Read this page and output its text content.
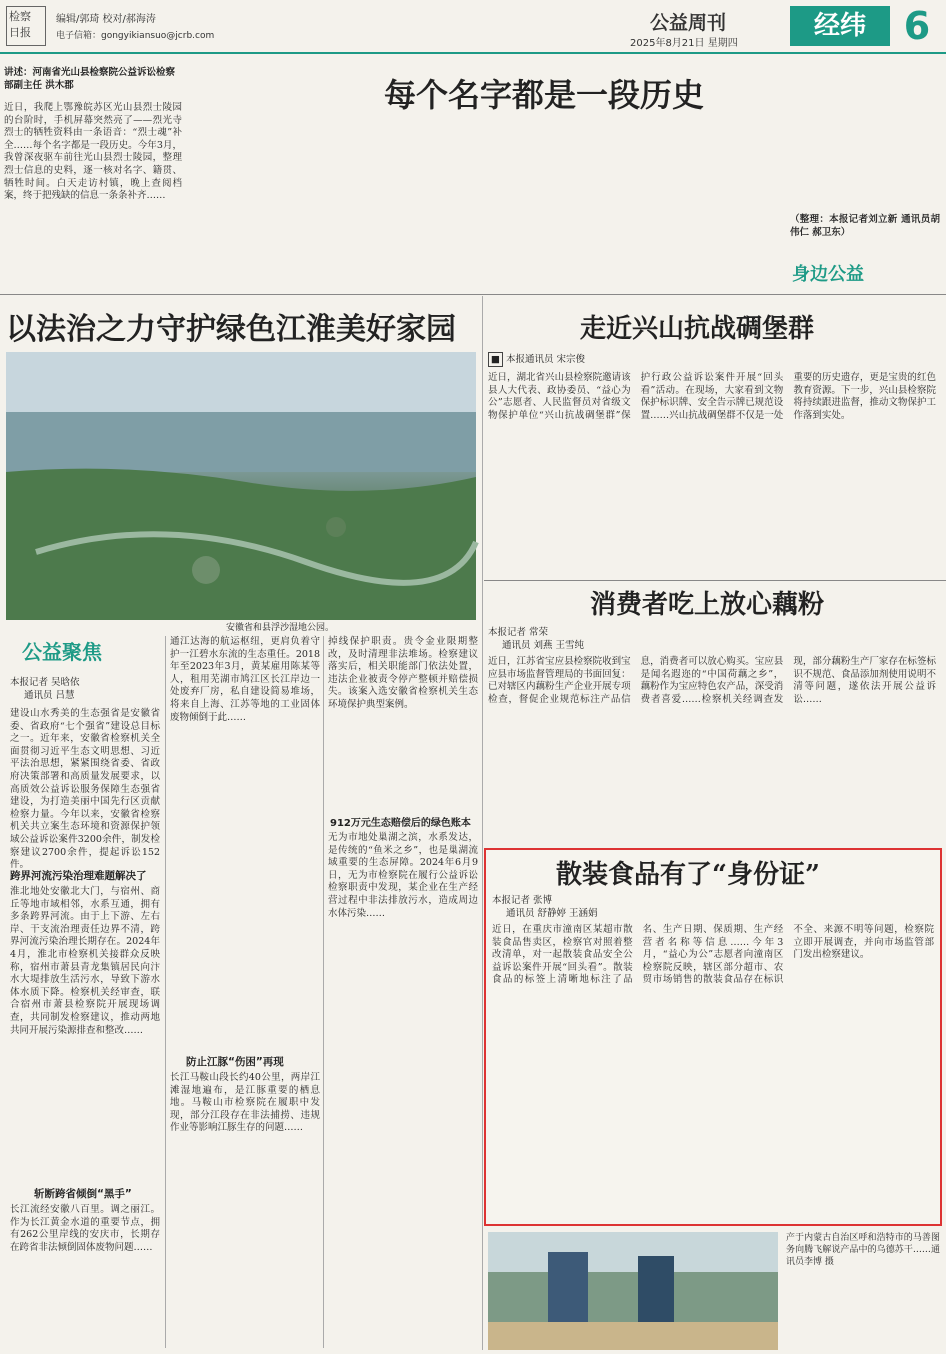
检察
日报
编辑/郭琦 校对/郝海涛
电子信箱：gongyikiansuo@jcrb.com
公益周刊
2025年8月21日 星期四
经纬 6
讲述：河南省光山县检察院公益诉讼检察部副主任 洪木郡	每个名字都是一段历史
近日，我爬上鄂豫皖苏区光山县烈士陵园的台阶时，手机屏幕突然亮了——烈光寺烈士的牺牲资料由一条语音：“烈士魂”补全……每个名字都是一段历史。今年3月，我曾深夜驱车前往光山县烈士陵园，整理烈士信息的史料，逐一核对名字、籍贯、牺牲时间。白天走访村镇，晚上查阅档案，终于把残缺的信息一条条补齐……
（整理：本报记者刘立新 通讯员胡伟仁 郝卫东）
身边公益
以法治之力守护绿色江淮美好家园
安徽省和县浮沙湿地公园。
公益聚焦
本报记者 吴晗依
通讯员 吕慧
建设山水秀美的生态强省是安徽省委、省政府“七个强省”建设总目标之一。近年来，安徽省检察机关全面贯彻习近平生态文明思想、习近平法治思想，紧紧围绕省委、省政府决策部署和高质量发展要求，以高质效公益诉讼服务保障生态强省建设，为打造美丽中国先行区贡献检察力量。今年以来，安徽省检察机关共立案生态环境和资源保护领域公益诉讼案件3200余件，制发检察建议2700余件，提起诉讼152件。
跨界河流污染治理难题解决了
淮北地处安徽北大门，与宿州、商丘等地市域相邻，水系互通，拥有多条跨界河流。由于上下游、左右岸、干支流治理责任边界不清，跨界河流污染治理长期存在。2024年4月，淮北市检察机关接群众反映称，宿州市萧县青龙集镇居民向汴水大堤排放生活污水，导致下游水体水质下降。检察机关经审查，联合宿州市萧县检察院开展现场调查，共同制发检察建议，推动两地共同开展污染源排查和整改……
斩断跨省倾倒“黑手”
长江流经安徽八百里。调之丽江。作为长江黄金水道的重要节点，拥有262公里岸线的安庆市，长期存在跨省非法倾倒固体废物问题……
通江达海的航运枢纽，更肩负着守护一江碧水东流的生态重任。2018年至2023年3月，黄某雇用陈某等人，租用芜湖市鸠江区长江岸边一处废弃厂房，私自建设简易堆场，将来自上海、江苏等地的工业固体废物倾倒于此……
防止江豚“伤困”再现
长江马鞍山段长约40公里，两岸江滩湿地遍布，是江豚重要的栖息地。马鞍山市检察院在履职中发现，部分江段存在非法捕捞、违规作业等影响江豚生存的问题……
掉线保护职责。贵令金业限期整改，及时清理非法堆场。检察建议落实后，相关职能部门依法处置，违法企业被责令停产整顿并赔偿损失。该案入选安徽省检察机关生态环境保护典型案例。
912万元生态赔偿后的绿色账本
无为市地处巢湖之滨，水系发达，是传统的“鱼米之乡”，也是巢湖流域重要的生态屏障。2024年6月9日，无为市检察院在履行公益诉讼检察职责中发现，某企业在生产经营过程中非法排放污水，造成周边水体污染……
走近兴山抗战碉堡群
■ 本报通讯员 宋宗俊
近日，湖北省兴山县检察院邀请该县人大代表、政协委员、“益心为公”志愿者、人民监督员对省级文物保护单位“兴山抗战碉堡群”保护行政公益诉讼案件开展“回头看”活动。在现场，大家看到文物保护标识牌、安全告示牌已规范设置……兴山抗战碉堡群不仅是一处重要的历史遗存，更是宝贵的红色教育资源。下一步，兴山县检察院将持续跟进监督，推动文物保护工作落到实处。
消费者吃上放心藕粉
本报记者 常荣
通讯员 刘燕 王雪纯
近日，江苏省宝应县检察院收到宝应县市场监督管理局的书面回复：已对辖区内藕粉生产企业开展专项检查，督促企业规范标注产品信息，消费者可以放心购买。宝应县是闻名遐迩的“中国荷藕之乡”，藕粉作为宝应特色农产品，深受消费者喜爱……检察机关经调查发现，部分藕粉生产厂家存在标签标识不规范、食品添加剂使用说明不清等问题，遂依法开展公益诉讼……
散装食品有了“身份证”
本报记者 张博
通讯员 舒静婷 王涵娟
近日，在重庆市潼南区某超市散装食品售卖区，检察官对照着整改清单，对一起散装食品安全公益诉讼案件开展“回头看”。散装食品的标签上清晰地标注了品名、生产日期、保质期、生产经营者名称等信息……今年3月，“益心为公”志愿者向潼南区检察院反映，辖区部分超市、农贸市场销售的散装食品存在标识不全、来源不明等问题，检察院立即开展调查，并向市场监管部门发出检察建议。
产于内蒙古自治区呼和浩特市的马善图务向腾飞解说产品中的乌德苏干……通讯员李博 摄
